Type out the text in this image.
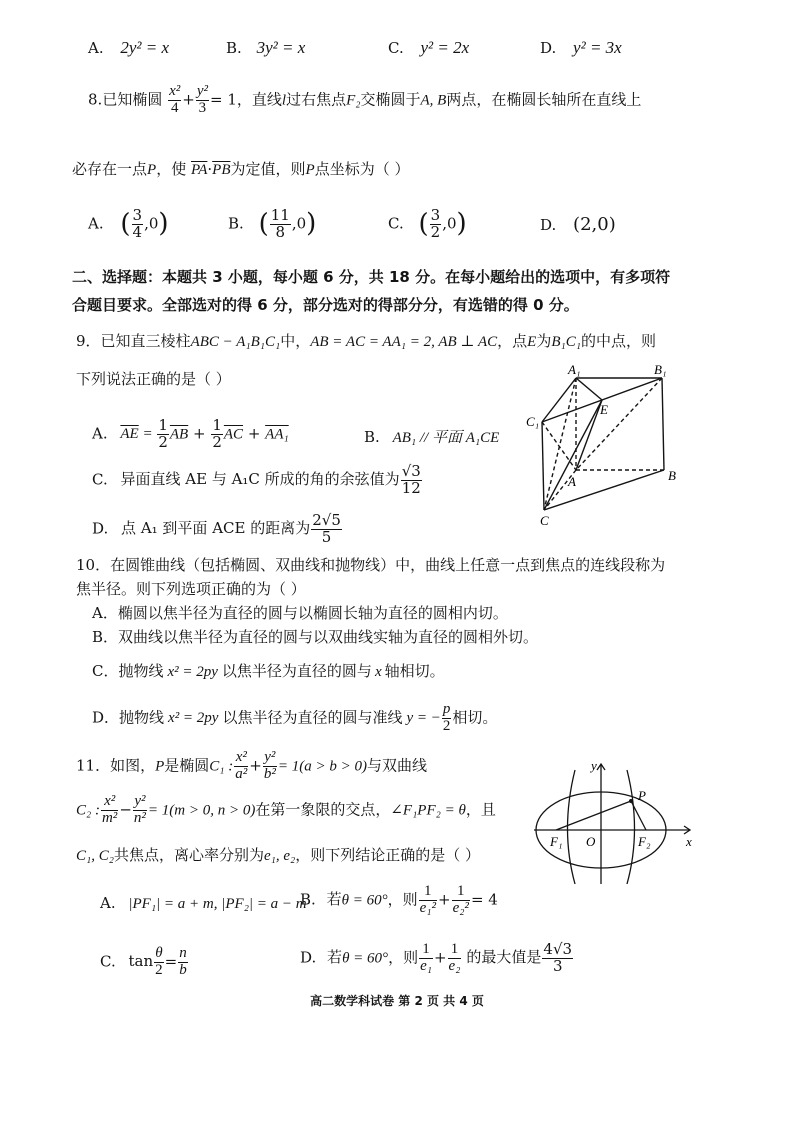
A. 2y² = x	B. 3y² = x	C. y² = 2x	D. y² = 3x
8.已知椭圆 $\frac{\text{x²}}{4} + \frac{\text{y²}}{3} = 1$，直线l过右焦点F₂交椭圆于A, B两点，在椭圆长轴所在直线上
必存在一点P，使 $\overline{PA}\cdot\overline{PB}$为定值，则P点坐标为（ ）
A. ( $\frac{3}{4} ,0$)	B. ( $\frac{11}{8} ,0$)	C. ( $\frac{3}{2} ,0$)	D. (2,0)
二、选择题：本题共 3 小题，每小题 6 分，共 18 分。在每小题给出的选项中，有多项符
合题目要求。全部选对的得 6 分，部分选对的得部分分，有选错的得 0 分。
9．已知直三棱柱ABC − A₁B₁C₁中，AB = AC = AA₁ = 2, AB ⊥ AC，点E为B₁C₁的中点，则
下列说法正确的是（ ）
A. $\overline{AE} = \frac{1}{2} \overline{AB} + \frac{1}{2} \overline{AC} + AA_1$	B. AB₁ // 平面 A₁CE
C. 异面直线 AE 与 A₁C 所成的角的余弦值为 $\frac{√3}{12}$
D. 点 A₁ 到平面 ACE 的距离为 $\frac{2√5}{5}$
A₁	B₁
C₁
E
A	B
C
10．在圆锥曲线（包括椭圆、双曲线和抛物线）中，曲线上任意一点到焦点的连线段称为
焦半径。则下列选项正确的为（ ）
A．椭圆以焦半径为直径的圆与以椭圆长轴为直径的圆相内切。
B．双曲线以焦半径为直径的圆与以双曲线实轴为直径的圆相外切。
C．抛物线 x² = 2py 以焦半径为直径的圆与 x 轴相切。
D．抛物线 x² = 2py 以焦半径为直径的圆与准线 y = − $\frac{p}{2}$ 相切。
11．如图，P是椭圆C₁ : $\frac{\text{x²}}{\text{a²}} + \frac{\text{y²}}{\text{b²}} = 1(a > b > 0)$与双曲线
C₂ : $\frac{\text{x²}}{\text{m²}} - \frac{\text{y²}}{\text{n²}} = 1(m > 0$, n > 0)在第一象限的交点，∠F₁PF₂ = θ，且
C₁, C₂共焦点，离心率分别为e₁, e₂，则下列结论正确的是（ ）
A. |PF₁| = a + m, |PF₂| = a − m
B. 若θ = 60°，则 $\frac{1}{\text{e₁²}} + \frac{1}{\text{e₂²}} = 4$
C. $\tan \frac{\theta}{2} = \frac{n}{b}$	D. 若θ = 60°，则 $\frac{1}{\text{e₁}} + \frac{1}{\text{e₂}}$ 的最大值是 $\frac{4√3}{3}$
y
x
P
F₁ O	F₂
高二数学科试卷 第 2 页 共 4 页
